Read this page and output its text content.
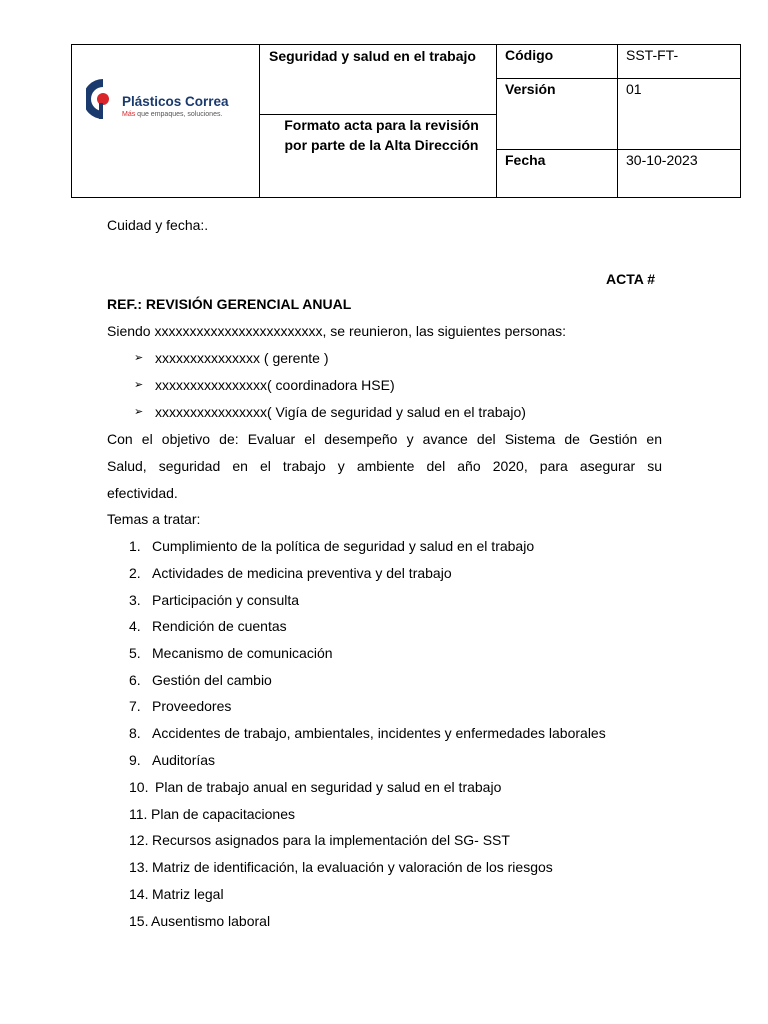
Plásticos Correa
Más que empaques, soluciones.
Seguridad y salud en el trabajo
Formato acta para la revisión por parte de la Alta Dirección
Código	SST-FT-
Versión	01
Fecha	30-10-2023
Cuidad y fecha:.
ACTA #
REF.: REVISIÓN GERENCIAL ANUAL
Siendo xxxxxxxxxxxxxxxxxxxxxxxx, se reunieron, las siguientes personas:
➢ xxxxxxxxxxxxxxx ( gerente )
➢ xxxxxxxxxxxxxxxx( coordinadora HSE)
➢ xxxxxxxxxxxxxxxx( Vigía de seguridad y salud en el trabajo)
Con el objetivo de: Evaluar el desempeño y avance del Sistema de Gestión en
Salud, seguridad en el trabajo y ambiente del año 2020, para asegurar su
efectividad.
Temas a tratar:
1. Cumplimiento de la política de seguridad y salud en el trabajo
2. Actividades de medicina preventiva y del trabajo
3. Participación y consulta
4. Rendición de cuentas
5. Mecanismo de comunicación
6. Gestión del cambio
7. Proveedores
8. Accidentes de trabajo, ambientales, incidentes y enfermedades laborales
9. Auditorías
10. Plan de trabajo anual en seguridad y salud en el trabajo
11. Plan de capacitaciones
12. Recursos asignados para la implementación del SG- SST
13. Matriz de identificación, la evaluación y valoración de los riesgos
14. Matriz legal
15. Ausentismo laboral
